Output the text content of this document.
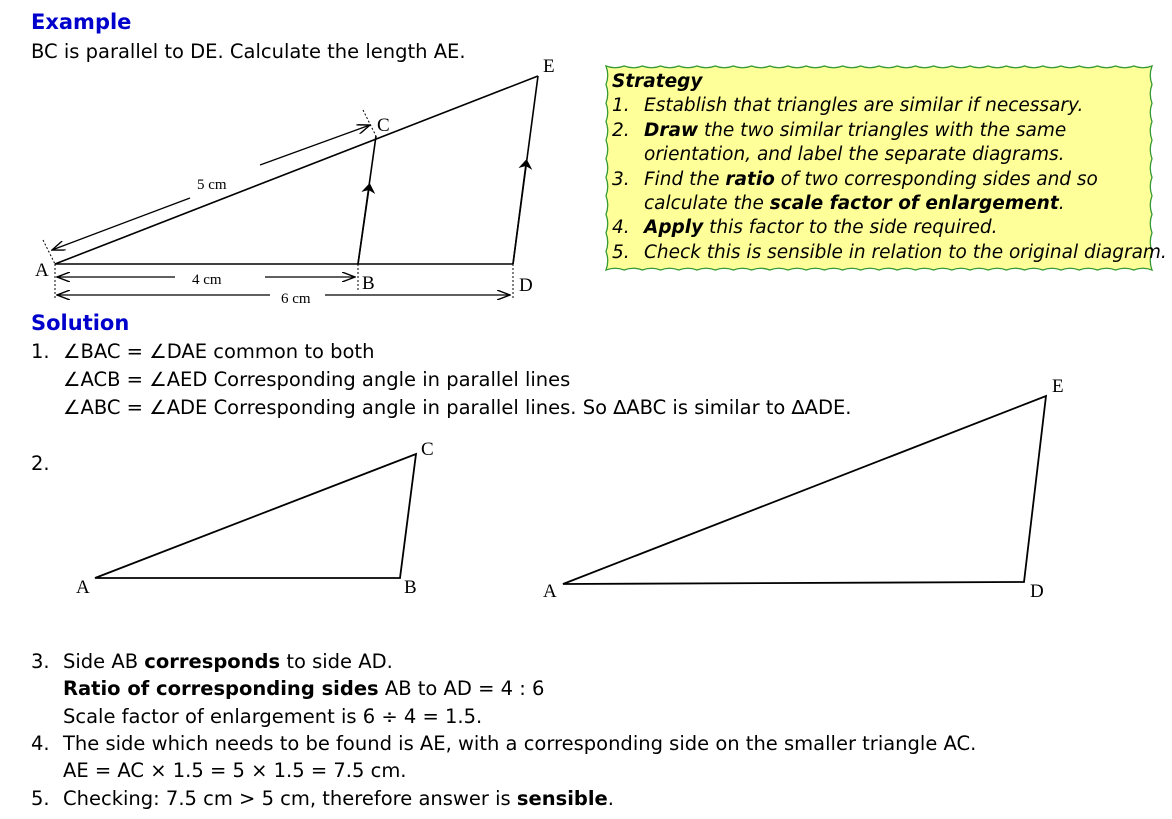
Example
BC is parallel to DE. Calculate the length AE.
A
B
C
D
E
5 cm
4 cm
6 cm
A	B
C
A	D
E
Strategy
1. Establish that triangles are similar if necessary.
2. Draw the two similar triangles with the same
orientation, and label the separate diagrams.
3. Find the ratio of two corresponding sides and so
calculate the scale factor of enlargement.
4. Apply this factor to the side required.
5. Check this is sensible in relation to the original diagram.
Solution
1. ∠BAC = ∠DAE common to both
∠ACB = ∠AED Corresponding angle in parallel lines
∠ABC = ∠ADE Corresponding angle in parallel lines. So ∆ABC is similar to ∆ADE.
2.
3. Side AB corresponds to side AD.
Ratio of corresponding sides AB to AD = 4 : 6
Scale factor of enlargement is 6 ÷ 4 = 1.5.
4. The side which needs to be found is AE, with a corresponding side on the smaller triangle AC.
AE = AC × 1.5 = 5 × 1.5 = 7.5 cm.
5. Checking: 7.5 cm > 5 cm, therefore answer is sensible.
